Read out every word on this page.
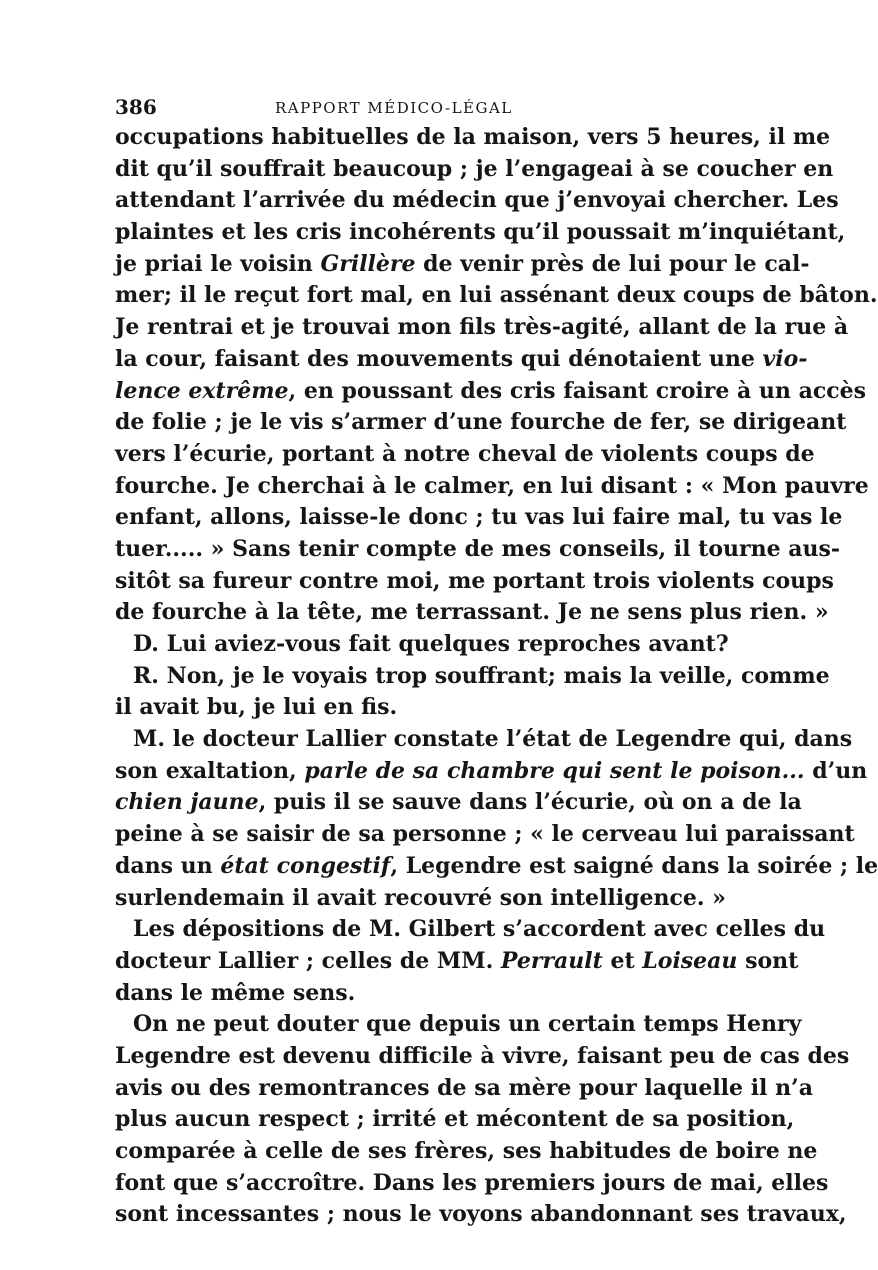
386	RAPPORT MÉDICO-LÉGAL
occupations habituelles de la maison, vers 5 heures, il me
dit qu’il souffrait beaucoup ; je l’engageai à se coucher en
attendant l’arrivée du médecin que j’envoyai chercher. Les
plaintes et les cris incohérents qu’il poussait m’inquiétant,
je priai le voisin Grillère de venir près de lui pour le cal-
mer; il le reçut fort mal, en lui assénant deux coups de bâton.
Je rentrai et je trouvai mon fils très-agité, allant de la rue à
la cour, faisant des mouvements qui dénotaient une vio-
lence extrême, en poussant des cris faisant croire à un accès
de folie ; je le vis s’armer d’une fourche de fer, se dirigeant
vers l’écurie, portant à notre cheval de violents coups de
fourche. Je cherchai à le calmer, en lui disant : « Mon pauvre
enfant, allons, laisse-le donc ; tu vas lui faire mal, tu vas le
tuer..... » Sans tenir compte de mes conseils, il tourne aus-
sitôt sa fureur contre moi, me portant trois violents coups
de fourche à la tête, me terrassant. Je ne sens plus rien. »
D. Lui aviez-vous fait quelques reproches avant?
R. Non, je le voyais trop souffrant; mais la veille, comme
il avait bu, je lui en fis.
M. le docteur Lallier constate l’état de Legendre qui, dans
son exaltation, parle de sa chambre qui sent le poison... d’un
chien jaune, puis il se sauve dans l’écurie, où on a de la
peine à se saisir de sa personne ; « le cerveau lui paraissant
dans un état congestif, Legendre est saigné dans la soirée ; le
surlendemain il avait recouvré son intelligence. »
Les dépositions de M. Gilbert s’accordent avec celles du
docteur Lallier ; celles de MM. Perrault et Loiseau sont
dans le même sens.
On ne peut douter que depuis un certain temps Henry
Legendre est devenu difficile à vivre, faisant peu de cas des
avis ou des remontrances de sa mère pour laquelle il n’a
plus aucun respect ; irrité et mécontent de sa position,
comparée à celle de ses frères, ses habitudes de boire ne
font que s’accroître. Dans les premiers jours de mai, elles
sont incessantes ; nous le voyons abandonnant ses travaux,
